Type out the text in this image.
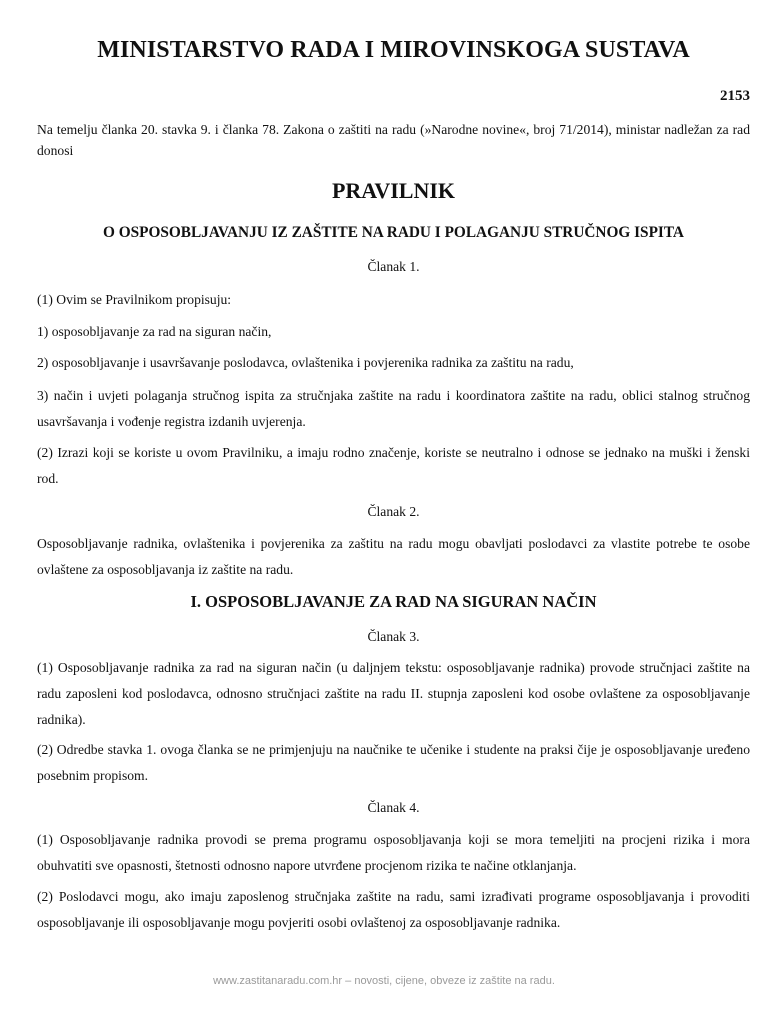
MINISTARSTVO RADA I MIROVINSKOGA SUSTAVA
2153

Na temelju članka 20. stavka 9. i članka 78. Zakona o zaštiti na radu (»Narodne novine«, broj 71/2014), ministar nadležan za rad donosi

PRAVILNIK
O OSPOSOBLJAVANJU IZ ZAŠTITE NA RADU I POLAGANJU STRUČNOG ISPITA
Članak 1.

(1) Ovim se Pravilnikom propisuju:

1) osposobljavanje za rad na siguran način,

2) osposobljavanje i usavršavanje poslodavca, ovlaštenika i povjerenika radnika za zaštitu na radu,

3) način i uvjeti polaganja stručnog ispita za stručnjaka zaštite na radu i koordinatora zaštite na radu, oblici stalnog stručnog usavršavanja i vođenje registra izdanih uvjerenja.

(2) Izrazi koji se koriste u ovom Pravilniku, a imaju rodno značenje, koriste se neutralno i odnose se jednako na muški i ženski rod.

Članak 2.

Osposobljavanje radnika, ovlaštenika i povjerenika za zaštitu na radu mogu obavljati poslodavci za vlastite potrebe te osobe ovlaštene za osposobljavanja iz zaštite na radu.

I. OSPOSOBLJAVANJE ZA RAD NA SIGURAN NAČIN
Članak 3.

(1) Osposobljavanje radnika za rad na siguran način (u daljnjem tekstu: osposobljavanje radnika) provode stručnjaci zaštite na radu zaposleni kod poslodavca, odnosno stručnjaci zaštite na radu II. stupnja zaposleni kod osobe ovlaštene za osposobljavanje radnika).

(2) Odredbe stavka 1. ovoga članka se ne primjenjuju na naučnike te učenike i studente na praksi čije je osposobljavanje uređeno posebnim propisom.

Članak 4.

(1) Osposobljavanje radnika provodi se prema programu osposobljavanja koji se mora temeljiti na procjeni rizika i mora obuhvatiti sve opasnosti, štetnosti odnosno napore utvrđene procjenom rizika te načine otklanjanja.

(2) Poslodavci mogu, ako imaju zaposlenog stručnjaka zaštite na radu, sami izrađivati programe osposobljavanja i provoditi osposobljavanje ili osposobljavanje mogu povjeriti osobi ovlaštenoj za osposobljavanje radnika.

www.zastitanaradu.com.hr – novosti, cijene, obveze iz zaštite na radu.
